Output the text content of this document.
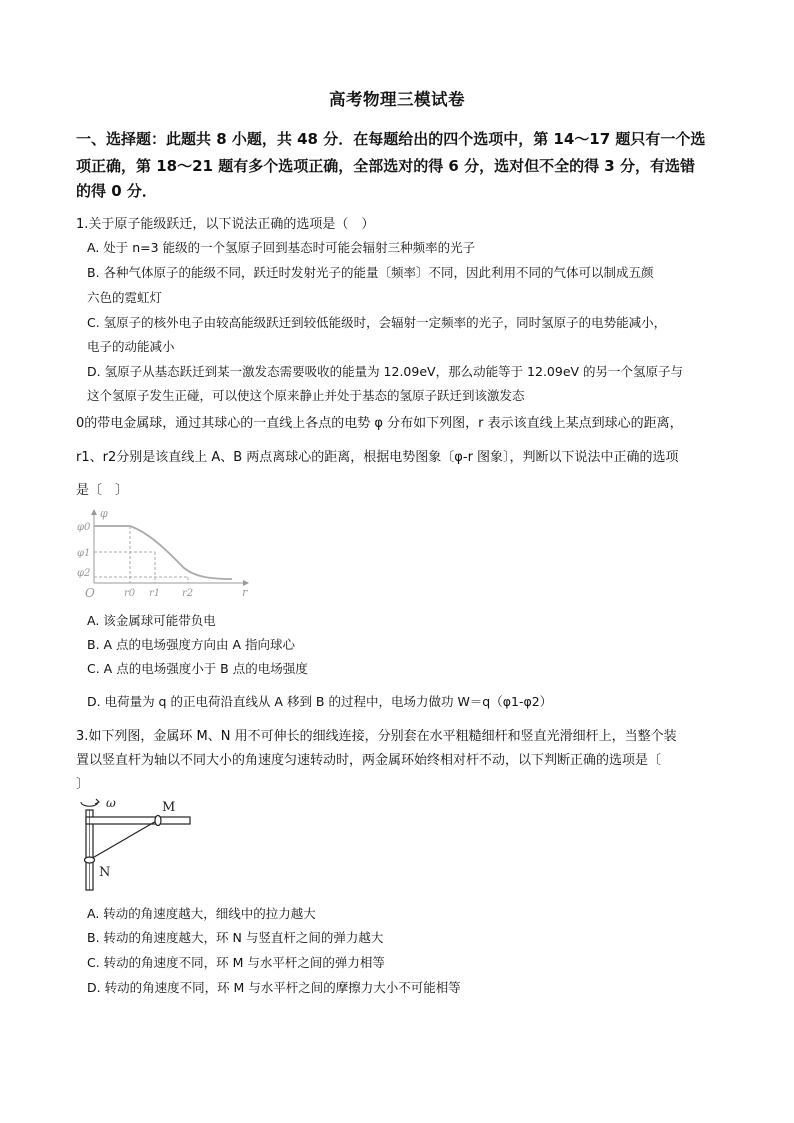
高考物理三模试卷
一、选择题：此题共 8 小题，共 48 分．在每题给出的四个选项中，第 14～17 题只有一个选
项正确，第 18～21 题有多个选项正确，全部选对的得 6 分，选对但不全的得 3 分，有选错
的得 0 分．
1.关于原子能级跃迁，以下说法正确的选项是（　）
A. 处于 n=3 能级的一个氢原子回到基态时可能会辐射三种频率的光子
B. 各种气体原子的能级不同，跃迁时发射光子的能量〔频率〕不同，因此利用不同的气体可以制成五颜
六色的霓虹灯
C. 氢原子的核外电子由较高能级跃迁到较低能级时，会辐射一定频率的光子，同时氢原子的电势能减小，
电子的动能减小
D. 氢原子从基态跃迁到某一激发态需要吸收的能量为 12.09eV，那么动能等于 12.09eV 的另一个氢原子与
这个氢原子发生正碰，可以使这个原来静止并处于基态的氢原子跃迁到该激发态
0的带电金属球，通过其球心的一直线上各点的电势 φ 分布如下列图，r 表示该直线上某点到球心的距离，
r1、r2分别是该直线上 A、B 两点离球心的距离，根据电势图象〔φ-r 图象〕，判断以下说法中正确的选项
是〔　〕
φ
r
O
φ0
φ1
φ2
r0 r1 r2
A. 该金属球可能带负电
B. A 点的电场强度方向由 A 指向球心
C. A 点的电场强度小于 B 点的电场强度
D. 电荷量为 q 的正电荷沿直线从 A 移到 B 的过程中，电场力做功 W＝q（φ1-φ2）
3.如下列图，金属环 M、N 用不可伸长的细线连接，分别套在水平粗糙细杆和竖直光滑细杆上，当整个装
置以竖直杆为轴以不同大小的角速度匀速转动时，两金属环始终相对杆不动，以下判断正确的选项是〔
〕
ω	M
N
A. 转动的角速度越大，细线中的拉力越大
B. 转动的角速度越大，环 N 与竖直杆之间的弹力越大
C. 转动的角速度不同，环 M 与水平杆之间的弹力相等
D. 转动的角速度不同，环 M 与水平杆之间的摩擦力大小不可能相等
